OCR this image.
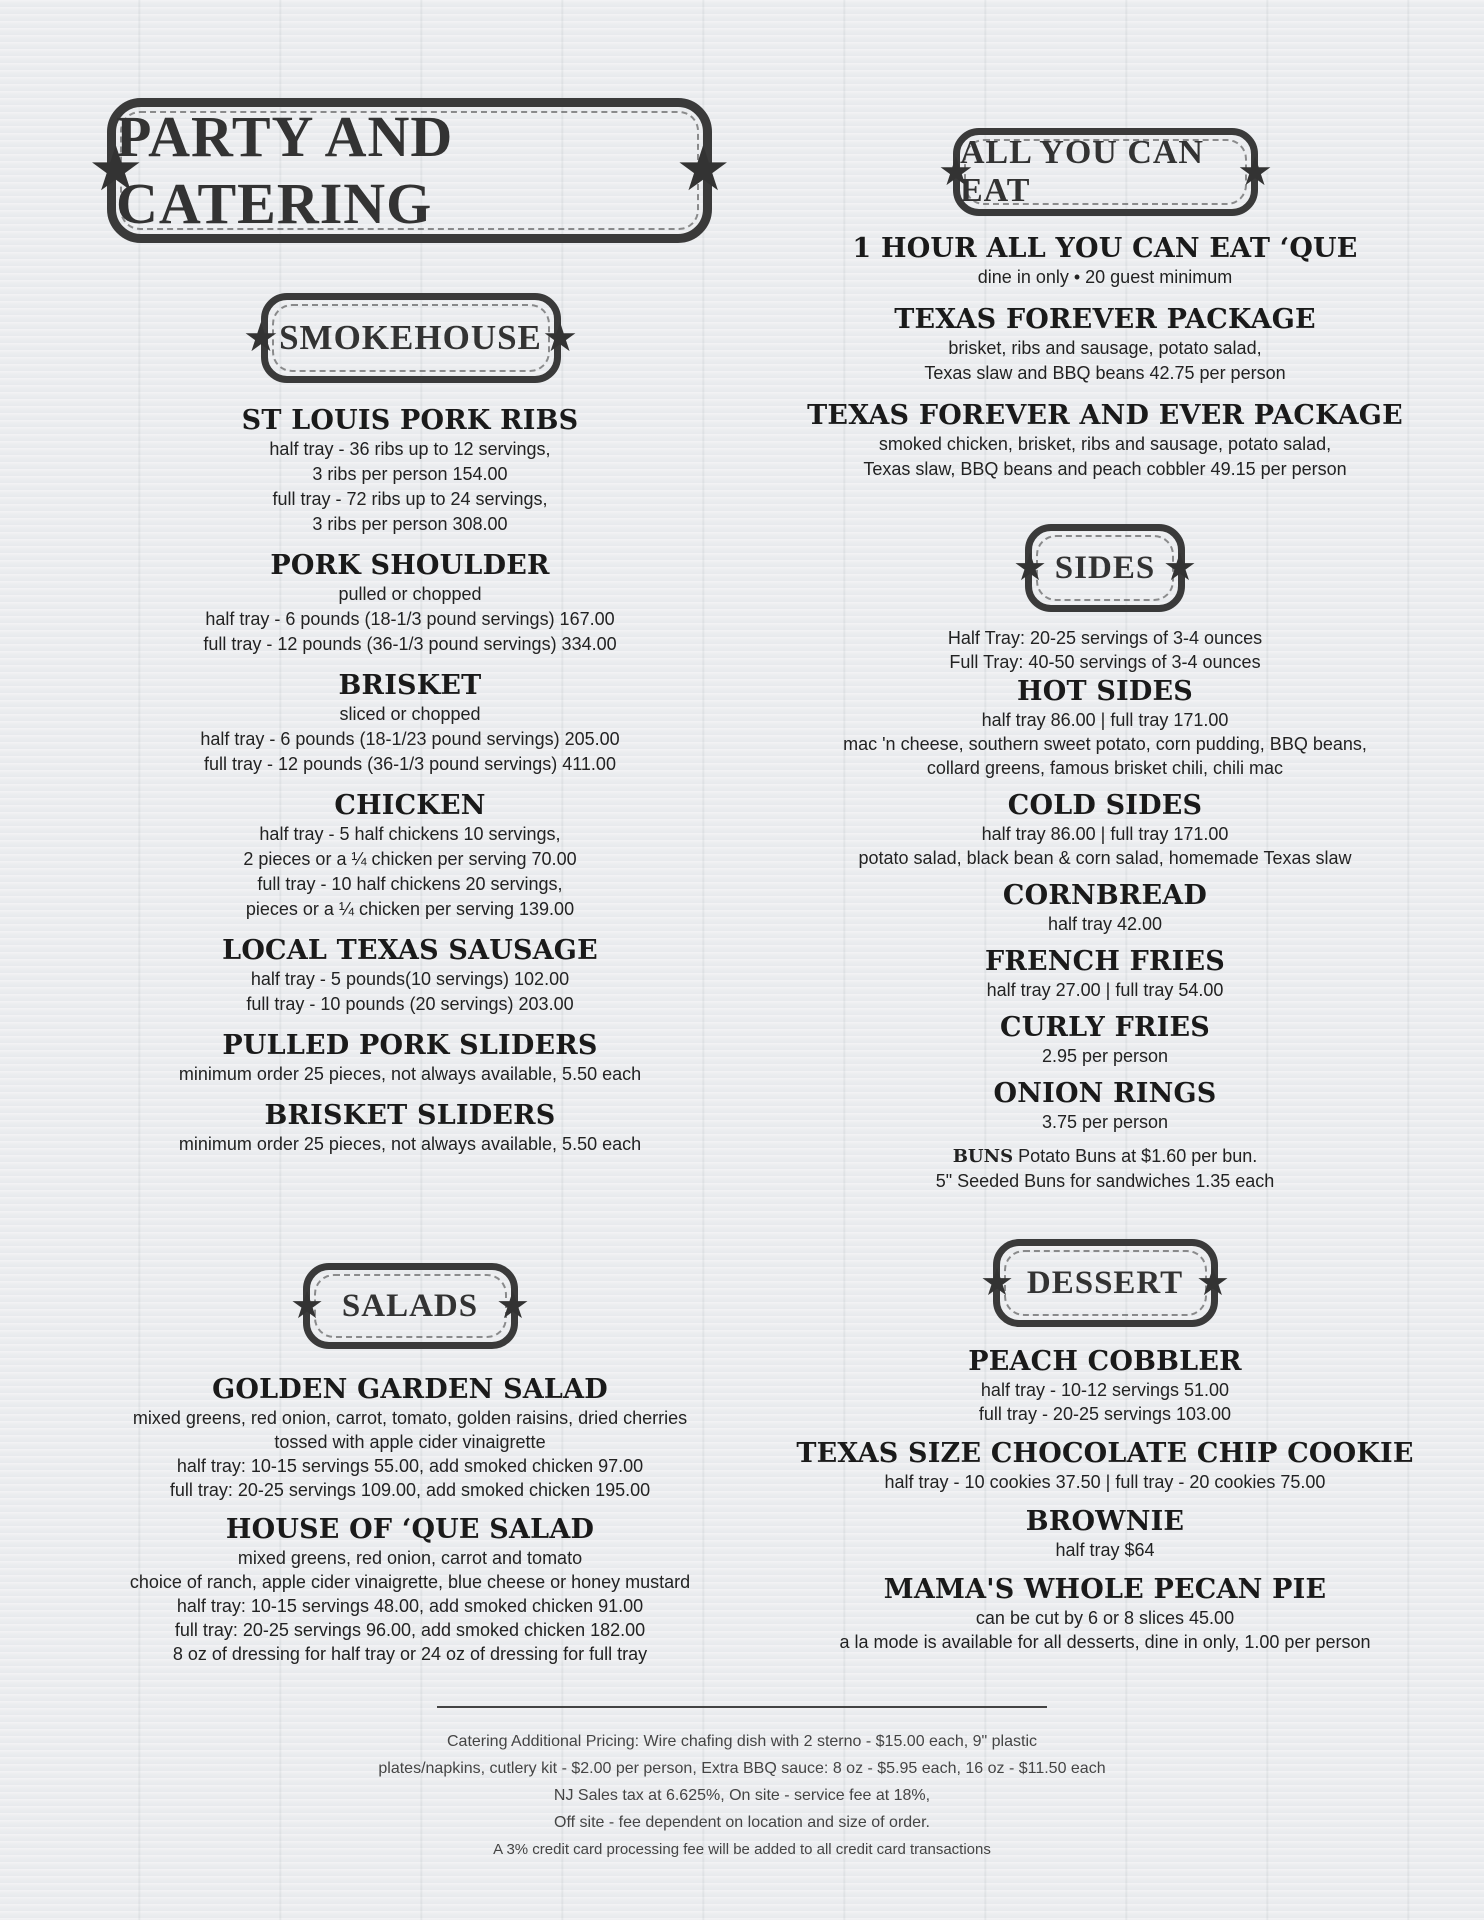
★
PARTY AND CATERING	★
★ SMOKEHOUSE ★
ST LOUIS PORK RIBS
half tray - 36 ribs up to 12 servings,
3 ribs per person 154.00
full tray - 72 ribs up to 24 servings,
3 ribs per person 308.00
PORK SHOULDER
pulled or chopped
half tray - 6 pounds (18-1/3 pound servings) 167.00
full tray - 12 pounds (36-1/3 pound servings) 334.00
BRISKET
sliced or chopped
half tray - 6 pounds (18-1/23 pound servings) 205.00
full tray - 12 pounds (36-1/3 pound servings) 411.00
CHICKEN
half tray - 5 half chickens 10 servings,
2 pieces or a ¼ chicken per serving 70.00
full tray - 10 half chickens 20 servings,
pieces or a ¼ chicken per serving 139.00
LOCAL TEXAS SAUSAGE
half tray - 5 pounds(10 servings) 102.00
full tray - 10 pounds (20 servings) 203.00
PULLED PORK SLIDERS
minimum order 25 pieces, not always available, 5.50 each
BRISKET SLIDERS
minimum order 25 pieces, not always available, 5.50 each
★ SALADS ★
GOLDEN GARDEN SALAD
mixed greens, red onion, carrot, tomato, golden raisins, dried cherries
tossed with apple cider vinaigrette
half tray: 10-15 servings 55.00, add smoked chicken 97.00
full tray: 20-25 servings 109.00, add smoked chicken 195.00
HOUSE OF ‘QUE SALAD
mixed greens, red onion, carrot and tomato
choice of ranch, apple cider vinaigrette, blue cheese or honey mustard
half tray: 10-15 servings 48.00, add smoked chicken 91.00
full tray: 20-25 servings 96.00, add smoked chicken 182.00
8 oz of dressing for half tray or 24 oz of dressing for full tray
★
ALL YOU CAN EAT	★
1 HOUR ALL YOU CAN EAT ‘QUE
dine in only • 20 guest minimum
TEXAS FOREVER PACKAGE
brisket, ribs and sausage, potato salad,
Texas slaw and BBQ beans 42.75 per person
TEXAS FOREVER AND EVER PACKAGE
smoked chicken, brisket, ribs and sausage, potato salad,
Texas slaw, BBQ beans and peach cobbler 49.15 per person
★ SIDES ★
Half Tray: 20-25 servings of 3-4 ounces
Full Tray: 40-50 servings of 3-4 ounces
HOT SIDES
half tray 86.00 | full tray 171.00
mac 'n cheese, southern sweet potato, corn pudding, BBQ beans,
collard greens, famous brisket chili, chili mac
COLD SIDES
half tray 86.00 | full tray 171.00
potato salad, black bean & corn salad, homemade Texas slaw
CORNBREAD
half tray 42.00
FRENCH FRIES
half tray 27.00 | full tray 54.00
CURLY FRIES
2.95 per person
ONION RINGS
3.75 per person
BUNS Potato Buns at $1.60 per bun.
5" Seeded Buns for sandwiches 1.35 each
★ DESSERT ★
PEACH COBBLER
half tray - 10-12 servings 51.00
full tray - 20-25 servings 103.00
TEXAS SIZE CHOCOLATE CHIP COOKIE
half tray - 10 cookies 37.50 | full tray - 20 cookies 75.00
BROWNIE
half tray $64
MAMA'S WHOLE PECAN PIE
can be cut by 6 or 8 slices 45.00
a la mode is available for all desserts, dine in only, 1.00 per person
Catering Additional Pricing: Wire chafing dish with 2 sterno - $15.00 each, 9" plastic
plates/napkins, cutlery kit - $2.00 per person, Extra BBQ sauce: 8 oz - $5.95 each, 16 oz - $11.50 each
NJ Sales tax at 6.625%, On site - service fee at 18%,
Off site - fee dependent on location and size of order.
A 3% credit card processing fee will be added to all credit card transactions
